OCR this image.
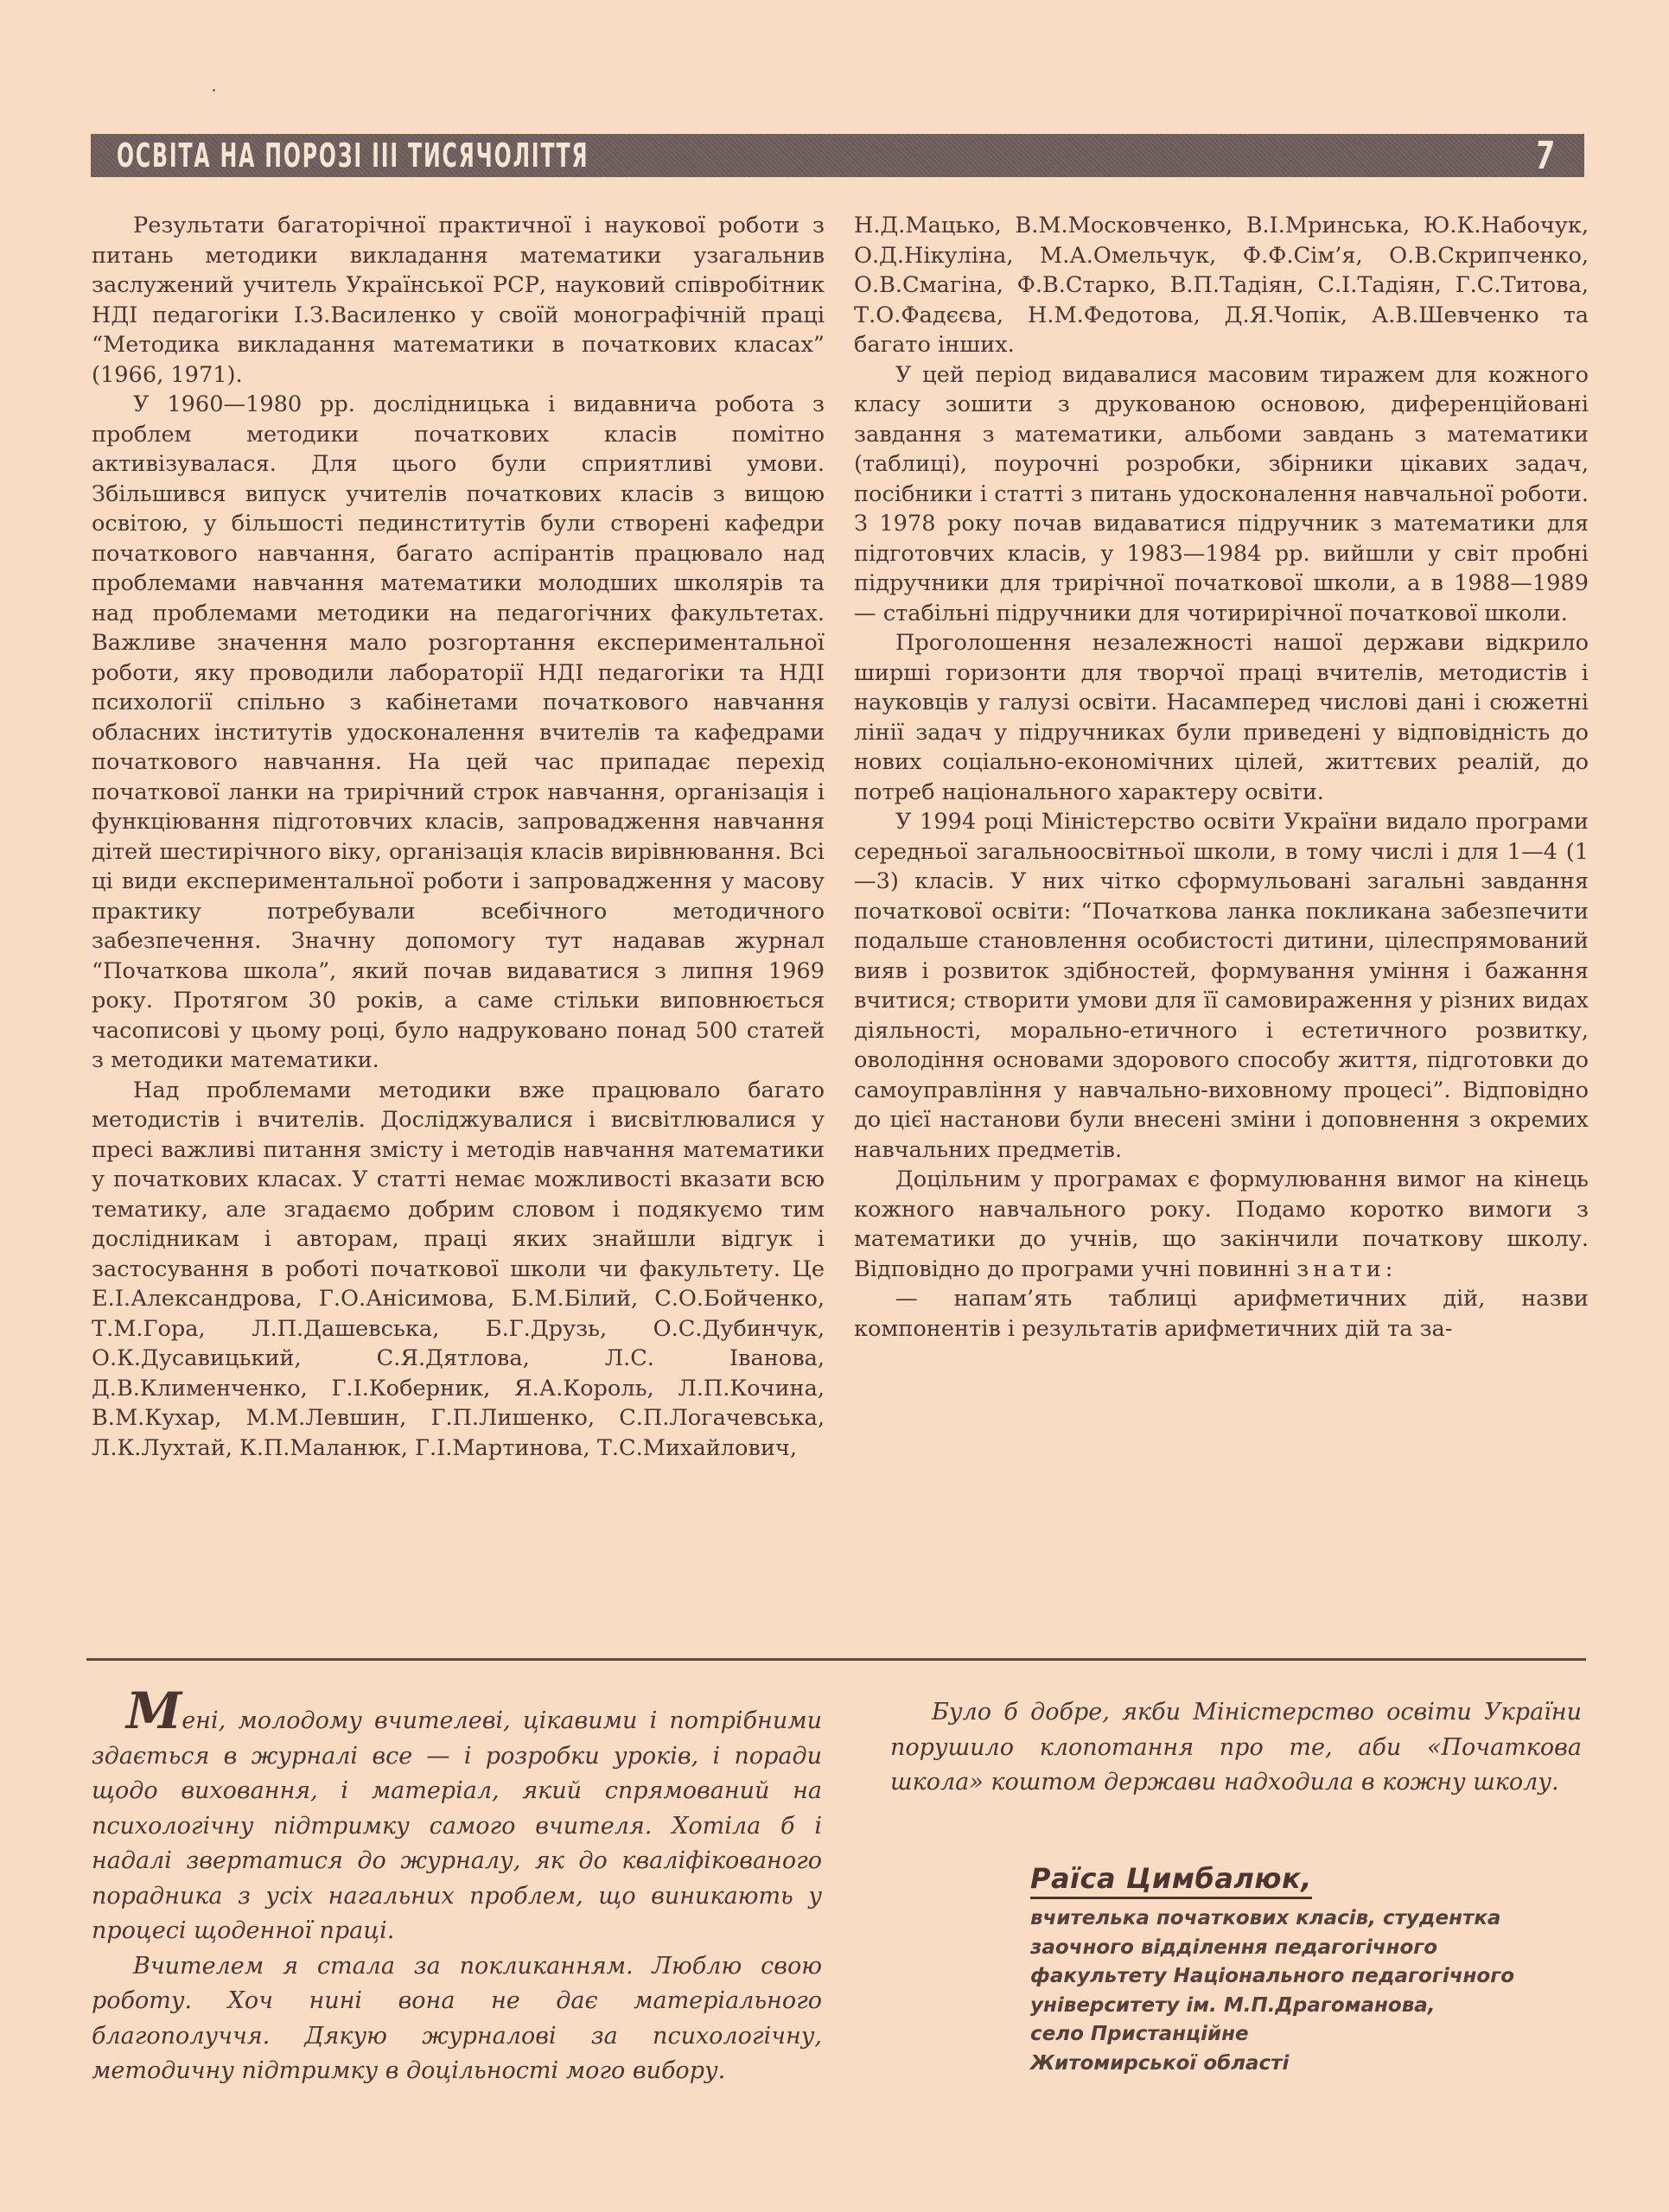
ОСВІТА НА ПОРОЗІ ІІІ ТИСЯЧОЛІТТЯ	7

Результати багаторічної практичної і наукової роботи з питань методики викладання математики узагальнив заслужений учитель Української РСР, науковий співробітник НДІ педагогіки І.З.Василенко у своїй монографічній праці “Методика викладання математики в початкових класах” (1966, 1971).

У 1960—1980 рр. дослідницька і видавнича робота з проблем методики початкових класів помітно активізувалася. Для цього були сприятливі умови. Збільшився випуск учителів початкових класів з вищою освітою, у більшості пединститутів були створені кафедри початкового навчання, багато аспірантів працювало над проблемами навчання математики молодших школярів та над проблемами методики на педагогічних факультетах. Важливе значення мало розгортання експериментальної роботи, яку проводили лабораторії НДІ педагогіки та НДІ психології спільно з кабінетами початкового навчання обласних інститутів удосконалення вчителів та кафедрами початкового навчання. На цей час припадає перехід початкової ланки на трирічний строк навчання, організація і функціювання підготовчих класів, запровадження навчання дітей шестирічного віку, організація класів вирівнювання. Всі ці види експериментальної роботи і запровадження у масову практику потребували всебічного методичного забезпечення. Значну допомогу тут надавав журнал “Початкова школа”, який почав видаватися з липня 1969 року. Протягом 30 років, а саме стільки виповнюється часописові у цьому році, було надруковано понад 500 статей з методики математики.

Над проблемами методики вже працювало багато методистів і вчителів. Досліджувалися і висвітлювалися у пресі важливі питання змісту і методів навчання математики у початкових класах. У статті немає можливості вказати всю тематику, але згадаємо добрим словом і подякуємо тим дослідникам і авторам, праці яких знайшли відгук і застосування в роботі початкової школи чи факультету. Це Е.І.Александрова, Г.О.Анісимова, Б.М.Білий, С.О.Бойченко, Т.М.Гора, Л.П.Дашевська, Б.Г.Друзь, О.С.Дубинчук, О.К.Дусавицький, С.Я.Дятлова, Л.С. Іванова, Д.В.Клименченко, Г.І.Коберник, Я.А.Король, Л.П.Кочина, В.М.Кухар, М.М.Левшин, Г.П.Лишенко, С.П.Логачевська, Л.К.Лухтай, К.П.Маланюк, Г.І.Мартинова, Т.С.Михайлович,

Н.Д.Мацько, В.М.Московченко, В.І.Мринська, Ю.К.Набочук, О.Д.Нікуліна, М.А.Омельчук, Ф.Ф.Сім’я, О.В.Скрипченко, О.В.Смагіна, Ф.В.Старко, В.П.Тадіян, С.І.Тадіян, Г.С.Титова, Т.О.Фадєєва, Н.М.Федотова, Д.Я.Чопік, А.В.Шевченко та багато інших.

У цей період видавалися масовим тиражем для кожного класу зошити з друкованою основою, диференційовані завдання з математики, альбоми завдань з математики (таблиці), поурочні розробки, збірники цікавих задач, посібники і статті з питань удосконалення навчальної роботи. З 1978 року почав видаватися підручник з математики для підготовчих класів, у 1983—1984 рр. вийшли у світ пробні підручники для трирічної початкової школи, а в 1988—1989 — стабільні підручники для чотирирічної початкової школи.

Проголошення незалежності нашої держави відкрило ширші горизонти для творчої праці вчителів, методистів і науковців у галузі освіти. Насамперед числові дані і сюжетні лінії задач у підручниках були приведені у відповідність до нових соціально-економічних цілей, життєвих реалій, до потреб національного характеру освіти.

У 1994 році Міністерство освіти України видало програми середньої загальноосвітньої школи, в тому числі і для 1—4 (1—3) класів. У них чітко сформульовані загальні завдання початкової освіти: “Початкова ланка покликана забезпечити подальше становлення особистості дитини, цілеспрямований вияв і розвиток здібностей, формування уміння і бажання вчитися; створити умови для її самовираження у різних видах діяльності, морально-етичного і естетичного розвитку, оволодіння основами здорового способу життя, підготовки до самоуправління у навчально-виховному процесі”. Відповідно до цієї настанови були внесені зміни і доповнення з окремих навчальних предметів.

Доцільним у програмах є формулювання вимог на кінець кожного навчального року. Подамо коротко вимоги з математики до учнів, що закінчили початкову школу. Відповідно до програми учні повинні знати:

— напам’ять таблиці арифметичних дій, назви компонентів і результатів арифметичних дій та за-

Мені, молодому вчителеві, цікавими і потрібними здається в журналі все — і розробки уроків, і поради щодо виховання, і матеріал, який спрямований на психологічну підтримку самого вчителя. Хотіла б і надалі звертатися до журналу, як до кваліфікованого порадника з усіх нагальних проблем, що виникають у процесі щоденної праці.

Вчителем я стала за покликанням. Люблю свою роботу. Хоч нині вона не дає матеріального благополуччя. Дякую журналові за психологічну, методичну підтримку в доцільності мого вибору.

Було б добре, якби Міністерство освіти України порушило клопотання про те, аби «Початкова школа» коштом держави надходила в кожну школу.

Раїса Цимбалюк,
вчителька початкових класів, студентка
заочного відділення педагогічного
факультету Національного педагогічного
університету ім. М.П.Драгоманова,
село Пристанційне
Житомирської області
